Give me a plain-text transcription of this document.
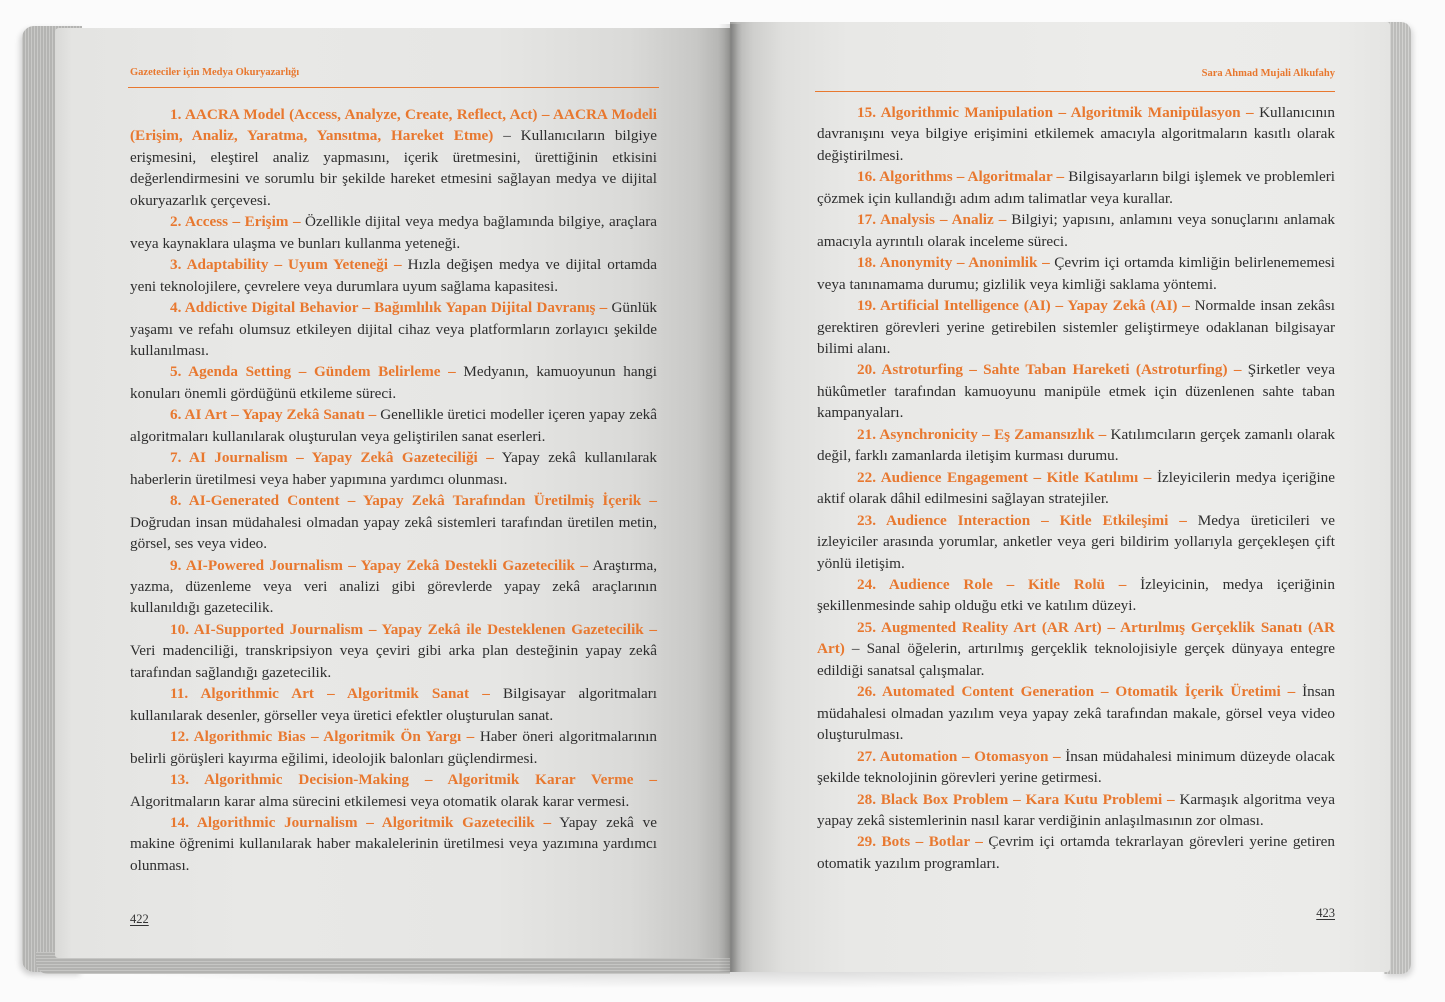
Gazeteciler için Medya Okuryazarlığı	Sara Ahmad Mujali Alkufahy

1. AACRA Model (Access, Analyze, Create, Reflect, Act) – AACRA Modeli (Erişim, Analiz, Yaratma, Yansıtma, Hareket Etme) – Kullanıcıların bilgiye erişmesini, eleştirel analiz yapmasını, içerik üretmesini, ürettiğinin etkisini değerlendirmesini ve sorumlu bir şekilde hareket etmesini sağlayan medya ve dijital okuryazarlık çerçevesi.

2. Access – Erişim – Özellikle dijital veya medya bağlamında bilgiye, araçlara veya kaynaklara ulaşma ve bunları kullanma yeteneği.

3. Adaptability – Uyum Yeteneği – Hızla değişen medya ve dijital ortamda yeni teknolojilere, çevrelere veya durumlara uyum sağlama kapasitesi.

4. Addictive Digital Behavior – Bağımlılık Yapan Dijital Davranış – Günlük yaşamı ve refahı olumsuz etkileyen dijital cihaz veya platformların zorlayıcı şekilde kullanılması.

5. Agenda Setting – Gündem Belirleme – Medyanın, kamuoyunun hangi konuları önemli gördüğünü etkileme süreci.

6. AI Art – Yapay Zekâ Sanatı – Genellikle üretici modeller içeren yapay zekâ algoritmaları kullanılarak oluşturulan veya geliştirilen sanat eserleri.

7. AI Journalism – Yapay Zekâ Gazeteciliği – Yapay zekâ kullanılarak haberlerin üretilmesi veya haber yapımına yardımcı olunması.

8. AI-Generated Content – Yapay Zekâ Tarafından Üretilmiş İçerik – Doğrudan insan müdahalesi olmadan yapay zekâ sistemleri tarafından üretilen metin, görsel, ses veya video.

9. AI-Powered Journalism – Yapay Zekâ Destekli Gazetecilik – Araştırma, yazma, düzenleme veya veri analizi gibi görevlerde yapay zekâ araçlarının kullanıldığı gazetecilik.

10. AI-Supported Journalism – Yapay Zekâ ile Desteklenen Gazetecilik – Veri madenciliği, transkripsiyon veya çeviri gibi arka plan desteğinin yapay zekâ tarafından sağlandığı gazetecilik.

11. Algorithmic Art – Algoritmik Sanat – Bilgisayar algoritmaları kullanılarak desenler, görseller veya üretici efektler oluşturulan sanat.

12. Algorithmic Bias – Algoritmik Ön Yargı – Haber öneri algoritmalarının belirli görüşleri kayırma eğilimi, ideolojik balonları güçlendirmesi.

13. Algorithmic Decision-Making – Algoritmik Karar Verme – Algoritmaların karar alma sürecini etkilemesi veya otomatik olarak karar vermesi.

14. Algorithmic Journalism – Algoritmik Gazetecilik – Yapay zekâ ve makine öğrenimi kullanılarak haber makalelerinin üretilmesi veya yazımına yardımcı olunması.

15. Algorithmic Manipulation – Algoritmik Manipülasyon – Kullanıcının davranışını veya bilgiye erişimini etkilemek amacıyla algoritmaların kasıtlı olarak değiştirilmesi.

16. Algorithms – Algoritmalar – Bilgisayarların bilgi işlemek ve problemleri çözmek için kullandığı adım adım talimatlar veya kurallar.

17. Analysis – Analiz – Bilgiyi; yapısını, anlamını veya sonuçlarını anlamak amacıyla ayrıntılı olarak inceleme süreci.

18. Anonymity – Anonimlik – Çevrim içi ortamda kimliğin belirlenememesi veya tanınamama durumu; gizlilik veya kimliği saklama yöntemi.

19. Artificial Intelligence (AI) – Yapay Zekâ (AI) – Normalde insan zekâsı gerektiren görevleri yerine getirebilen sistemler geliştirmeye odaklanan bilgisayar bilimi alanı.

20. Astroturfing – Sahte Taban Hareketi (Astroturfing) – Şirketler veya hükûmetler tarafından kamuoyunu manipüle etmek için düzenlenen sahte taban kampanyaları.

21. Asynchronicity – Eş Zamansızlık – Katılımcıların gerçek zamanlı olarak değil, farklı zamanlarda iletişim kurması durumu.

22. Audience Engagement – Kitle Katılımı – İzleyicilerin medya içeriğine aktif olarak dâhil edilmesini sağlayan stratejiler.

23. Audience Interaction – Kitle Etkileşimi – Medya üreticileri ve izleyiciler arasında yorumlar, anketler veya geri bildirim yollarıyla gerçekleşen çift yönlü iletişim.

24. Audience Role – Kitle Rolü – İzleyicinin, medya içeriğinin şekillenmesinde sahip olduğu etki ve katılım düzeyi.

25. Augmented Reality Art (AR Art) – Artırılmış Gerçeklik Sanatı (AR Art) – Sanal öğelerin, artırılmış gerçeklik teknolojisiyle gerçek dünyaya entegre edildiği sanatsal çalışmalar.

26. Automated Content Generation – Otomatik İçerik Üretimi – İnsan müdahalesi olmadan yazılım veya yapay zekâ tarafından makale, görsel veya video oluşturulması.

27. Automation – Otomasyon – İnsan müdahalesi minimum düzeyde olacak şekilde teknolojinin görevleri yerine getirmesi.

28. Black Box Problem – Kara Kutu Problemi – Karmaşık algoritma veya yapay zekâ sistemlerinin nasıl karar verdiğinin anlaşılmasının zor olması.

29. Bots – Botlar – Çevrim içi ortamda tekrarlayan görevleri yerine getiren otomatik yazılım programları.

422	423
